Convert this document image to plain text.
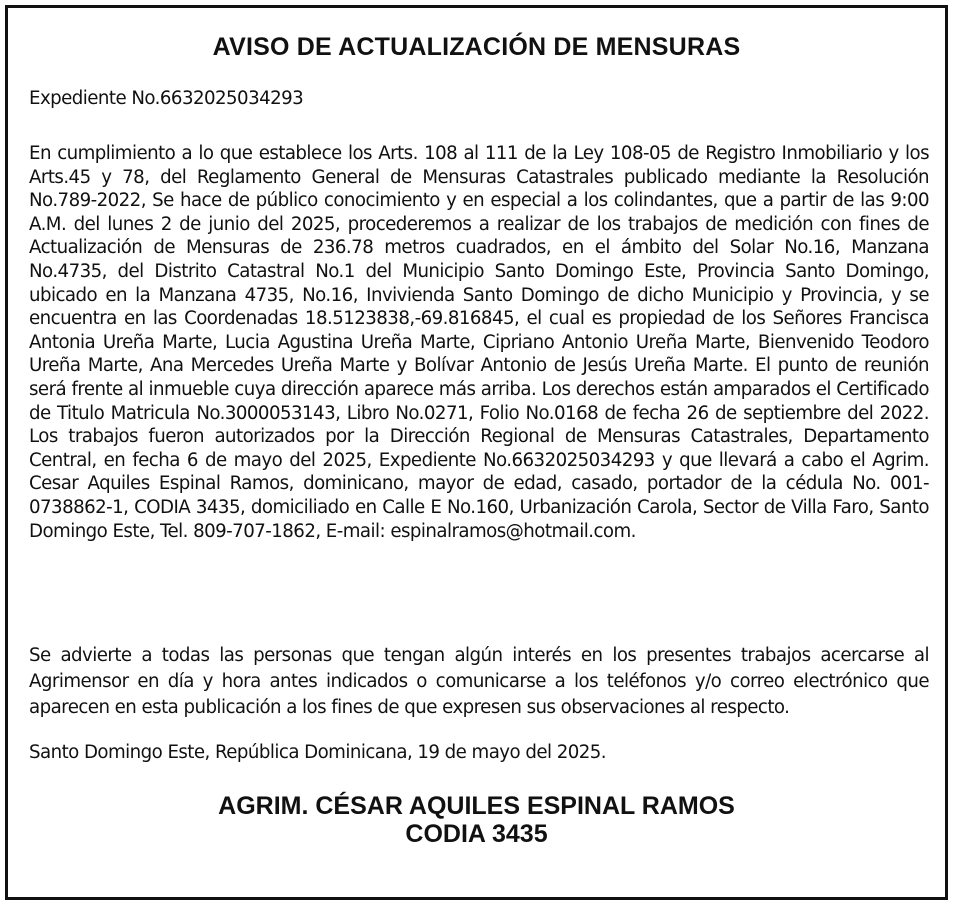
AVISO DE ACTUALIZACIÓN DE MENSURAS
Expediente No.6632025034293
En cumplimiento a lo que establece los Arts. 108 al 111 de la Ley 108-05 de Registro Inmobiliario y los Arts.45 y 78, del Reglamento General de Mensuras Catastrales publicado mediante la Resolución No.789-2022, Se hace de público conocimiento y en especial a los colindantes, que a partir de las 9:00 A.M. del lunes 2 de junio del 2025, procederemos a realizar de los trabajos de medición con fines de Actualización de Mensuras de 236.78 metros cuadrados, en el ámbito del Solar No.16, Manzana No.4735, del Distrito Catastral No.1 del Municipio Santo Domingo Este, Provincia Santo Domingo, ubicado en la Manzana 4735, No.16, Invivienda Santo Domingo de dicho Municipio y Provincia, y se encuentra en las Coordenadas 18.5123838,-69.816845, el cual es propiedad de los Señores Francisca Antonia Ureña Marte, Lucia Agustina Ureña Marte, Cipriano Antonio Ureña Marte, Bienvenido Teodoro Ureña Marte, Ana Mercedes Ureña Marte y Bolívar Antonio de Jesús Ureña Marte. El punto de reunión será frente al inmueble cuya dirección aparece más arriba. Los derechos están amparados el Certificado de Titulo Matricula No.3000053143, Libro No.0271, Folio No.0168 de fecha 26 de septiembre del 2022. Los trabajos fueron autorizados por la Dirección Regional de Mensuras Catastrales, Departamento Central, en fecha 6 de mayo del 2025, Expediente No.6632025034293 y que llevará a cabo el Agrim. Cesar Aquiles Espinal Ramos, dominicano, mayor de edad, casado, portador de la cédula No. 001-0738862-1, CODIA 3435, domiciliado en Calle E No.160, Urbanización Carola, Sector de Villa Faro, Santo Domingo Este, Tel. 809-707-1862, E-mail: espinalramos@hotmail.com.
Se advierte a todas las personas que tengan algún interés en los presentes trabajos acercarse al Agrimensor en día y hora antes indicados o comunicarse a los teléfonos y/o correo electrónico que aparecen en esta publicación a los fines de que expresen sus observaciones al respecto.
Santo Domingo Este, República Dominicana, 19 de mayo del 2025.
AGRIM. CÉSAR AQUILES ESPINAL RAMOS
CODIA 3435
